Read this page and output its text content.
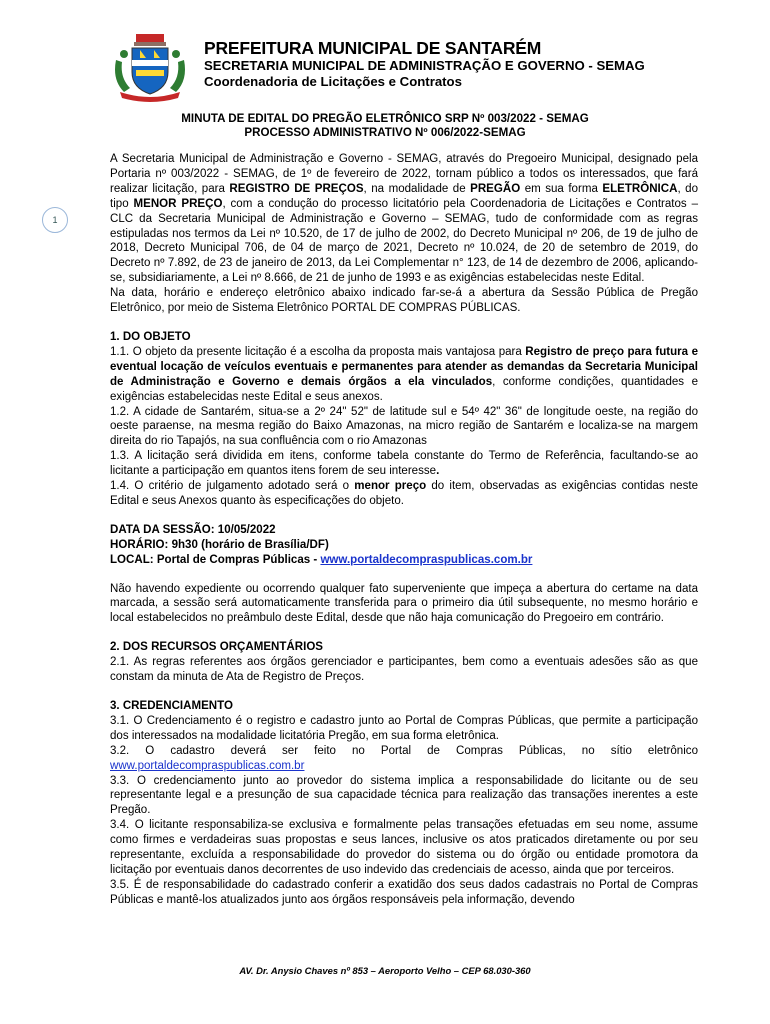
PREFEITURA MUNICIPAL DE SANTARÉM
SECRETARIA MUNICIPAL DE ADMINISTRAÇÃO E GOVERNO - SEMAG
Coordenadoria de Licitações e Contratos
MINUTA DE EDITAL DO PREGÃO ELETRÔNICO SRP Nº 003/2022 - SEMAG
PROCESSO ADMINISTRATIVO Nº 006/2022-SEMAG
1

A Secretaria Municipal de Administração e Governo - SEMAG, através do Pregoeiro Municipal, designado pela Portaria nº 003/2022 - SEMAG, de 1º de fevereiro de 2022, tornam público a todos os interessados, que fará realizar licitação, para REGISTRO DE PREÇOS, na modalidade de PREGÃO em sua forma ELETRÔNICA, do tipo MENOR PREÇO, com a condução do processo licitatório pela Coordenadoria de Licitações e Contratos – CLC da Secretaria Municipal de Administração e Governo – SEMAG, tudo de conformidade com as regras estipuladas nos termos da Lei nº 10.520, de 17 de julho de 2002, do Decreto Municipal nº 206, de 19 de julho de 2018, Decreto Municipal 706, de 04 de março de 2021, Decreto nº 10.024, de 20 de setembro de 2019, do Decreto nº 7.892, de 23 de janeiro de 2013, da Lei Complementar n° 123, de 14 de dezembro de 2006, aplicando-se, subsidiariamente, a Lei nº 8.666, de 21 de junho de 1993 e as exigências estabelecidas neste Edital.

Na data, horário e endereço eletrônico abaixo indicado far-se-á a abertura da Sessão Pública de Pregão Eletrônico, por meio de Sistema Eletrônico PORTAL DE COMPRAS PÚBLICAS.

1. DO OBJETO

1.1. O objeto da presente licitação é a escolha da proposta mais vantajosa para Registro de preço para futura e eventual locação de veículos eventuais e permanentes para atender as demandas da Secretaria Municipal de Administração e Governo e demais órgãos a ela vinculados, conforme condições, quantidades e exigências estabelecidas neste Edital e seus anexos.

1.2. A cidade de Santarém, situa-se a 2º 24" 52" de latitude sul e 54º 42" 36" de longitude oeste, na região do oeste paraense, na mesma região do Baixo Amazonas, na micro região de Santarém e localiza-se na margem direita do rio Tapajós, na sua confluência com o rio Amazonas

1.3. A licitação será dividida em itens, conforme tabela constante do Termo de Referência, facultando-se ao licitante a participação em quantos itens forem de seu interesse.

1.4. O critério de julgamento adotado será o menor preço do item, observadas as exigências contidas neste Edital e seus Anexos quanto às especificações do objeto.

DATA DA SESSÃO: 10/05/2022

HORÁRIO: 9h30 (horário de Brasília/DF)

LOCAL: Portal de Compras Públicas - www.portaldecompraspublicas.com.br

Não havendo expediente ou ocorrendo qualquer fato superveniente que impeça a abertura do certame na data marcada, a sessão será automaticamente transferida para o primeiro dia útil subsequente, no mesmo horário e local estabelecidos no preâmbulo deste Edital, desde que não haja comunicação do Pregoeiro em contrário.

2. DOS RECURSOS ORÇAMENTÁRIOS

2.1. As regras referentes aos órgãos gerenciador e participantes, bem como a eventuais adesões são as que constam da minuta de Ata de Registro de Preços.

3. CREDENCIAMENTO

3.1. O Credenciamento é o registro e cadastro junto ao Portal de Compras Públicas, que permite a participação dos interessados na modalidade licitatória Pregão, em sua forma eletrônica.

3.2. O cadastro deverá ser feito no Portal de Compras Públicas, no sítio eletrônico

www.portaldecompraspublicas.com.br

3.3. O credenciamento junto ao provedor do sistema implica a responsabilidade do licitante ou de seu representante legal e a presunção de sua capacidade técnica para realização das transações inerentes a este Pregão.

3.4. O licitante responsabiliza-se exclusiva e formalmente pelas transações efetuadas em seu nome, assume como firmes e verdadeiras suas propostas e seus lances, inclusive os atos praticados diretamente ou por seu representante, excluída a responsabilidade do provedor do sistema ou do órgão ou entidade promotora da licitação por eventuais danos decorrentes de uso indevido das credenciais de acesso, ainda que por terceiros.

3.5. É de responsabilidade do cadastrado conferir a exatidão dos seus dados cadastrais no Portal de Compras Públicas e mantê-los atualizados junto aos órgãos responsáveis pela informação, devendo

AV. Dr. Anysio Chaves nº 853 – Aeroporto Velho – CEP 68.030-360
